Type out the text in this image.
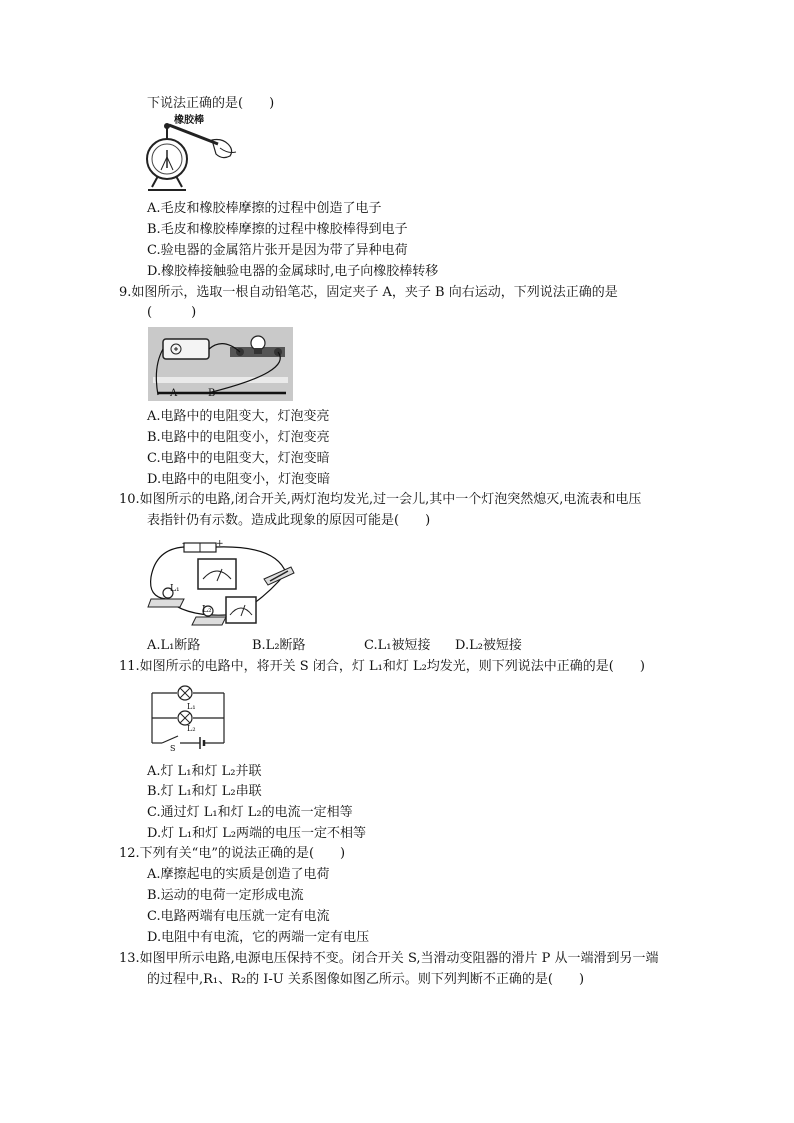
下说法正确的是(　　)
橡胶棒
A.毛皮和橡胶棒摩擦的过程中创造了电子
B.毛皮和橡胶棒摩擦的过程中橡胶棒得到电子
C.验电器的金属箔片张开是因为带了异种电荷
D.橡胶棒接触验电器的金属球时,电子向橡胶棒转移
9.如图所示，选取一根自动铅笔芯，固定夹子 A，夹子 B 向右运动，下列说法正确的是
(　　　)
A	B
A.电路中的电阻变大，灯泡变亮
B.电路中的电阻变小，灯泡变亮
C.电路中的电阻变大，灯泡变暗
D.电路中的电阻变小，灯泡变暗
10.如图所示的电路,闭合开关,两灯泡均发光,过一会儿,其中一个灯泡突然熄灭,电流表和电压
表指针仍有示数。造成此现象的原因可能是(　　)
-	+
L₁
L₂
A.L₁断路	B.L₂断路	C.L₁被短接 D.L₂被短接
11.如图所示的电路中，将开关 S 闭合，灯 L₁和灯 L₂均发光，则下列说法中正确的是(　　)
L₁
L₂
S
A.灯 L₁和灯 L₂并联
B.灯 L₁和灯 L₂串联
C.通过灯 L₁和灯 L₂的电流一定相等
D.灯 L₁和灯 L₂两端的电压一定不相等
12.下列有关“电”的说法正确的是(　　)
A.摩擦起电的实质是创造了电荷
B.运动的电荷一定形成电流
C.电路两端有电压就一定有电流
D.电阻中有电流，它的两端一定有电压
13.如图甲所示电路,电源电压保持不变。闭合开关 S,当滑动变阻器的滑片 P 从一端滑到另一端
的过程中,R₁、R₂的 I-U 关系图像如图乙所示。则下列判断不正确的是(　　)
